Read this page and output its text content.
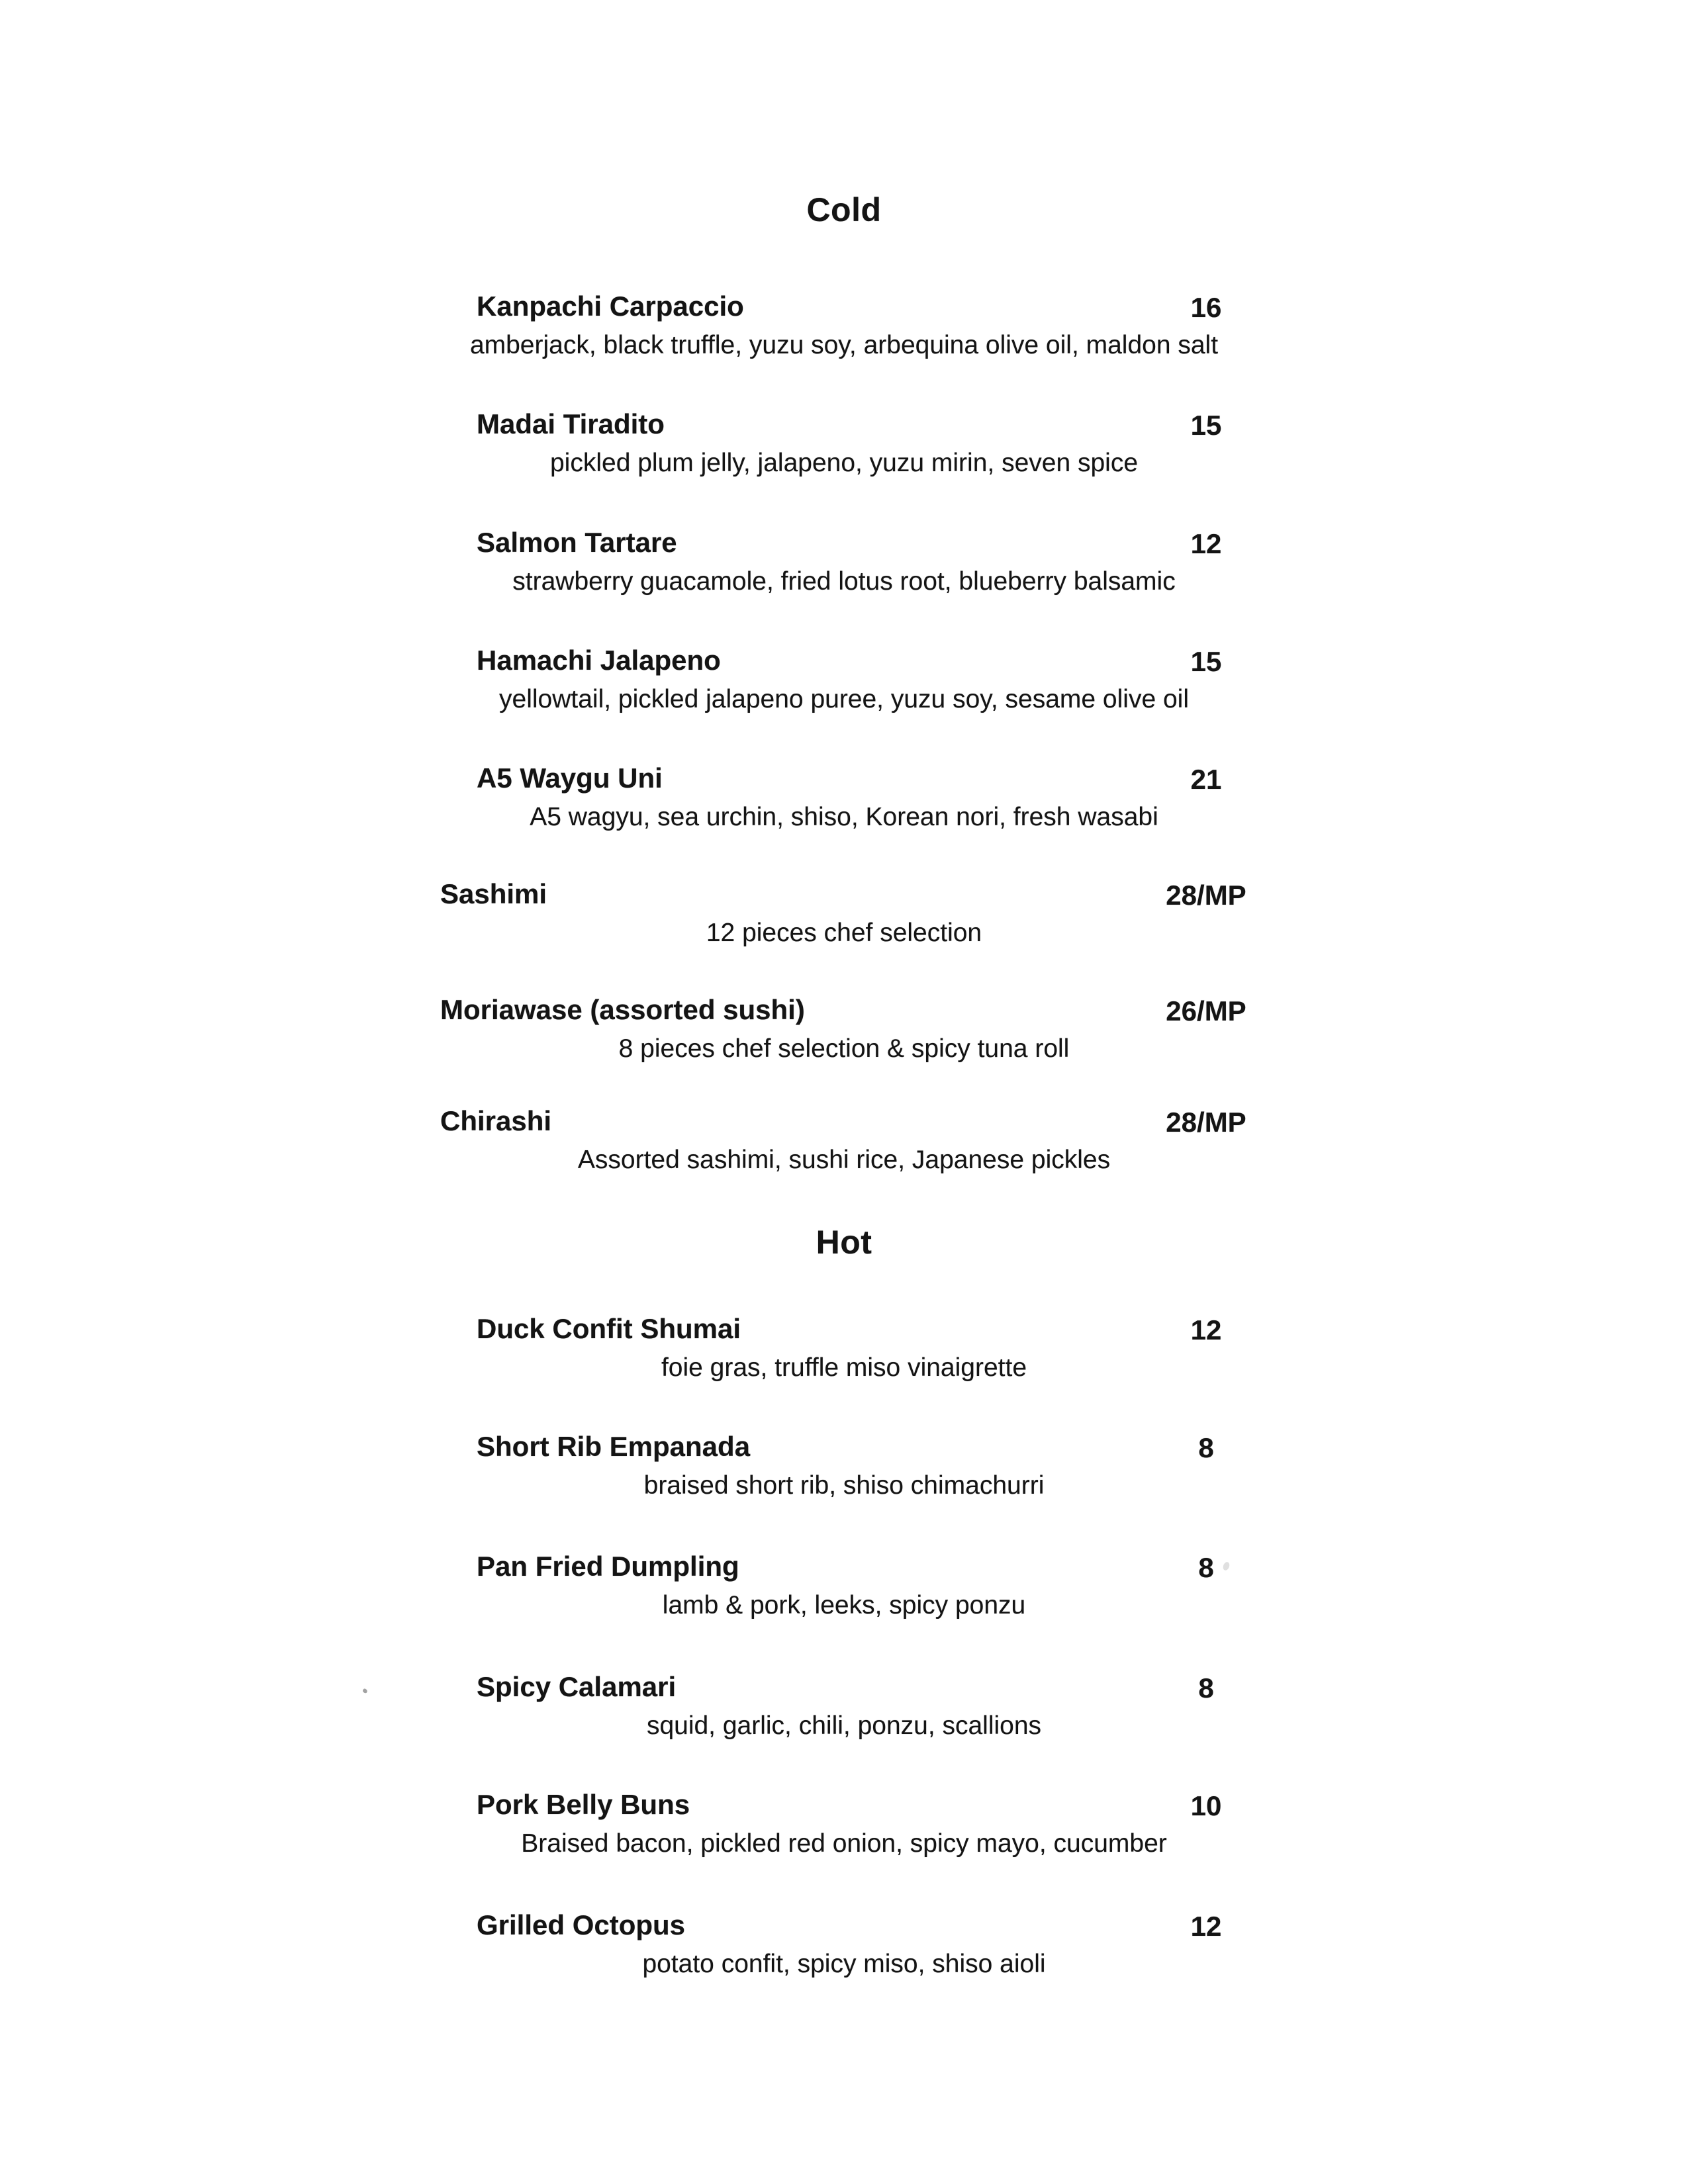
Cold
Kanpachi Carpaccio	16
amberjack, black truffle, yuzu soy, arbequina olive oil, maldon salt
Madai Tiradito	15
pickled plum jelly, jalapeno, yuzu mirin, seven spice
Salmon Tartare	12
strawberry guacamole, fried lotus root, blueberry balsamic
Hamachi Jalapeno	15
yellowtail, pickled jalapeno puree, yuzu soy, sesame olive oil
A5 Waygu Uni	21
A5 wagyu, sea urchin, shiso, Korean nori, fresh wasabi
Sashimi	28/MP
12 pieces chef selection
Moriawase (assorted sushi)	26/MP
8 pieces chef selection & spicy tuna roll
Chirashi	28/MP
Assorted sashimi, sushi rice, Japanese pickles
Hot
Duck Confit Shumai	12
foie gras, truffle miso vinaigrette
Short Rib Empanada	8
braised short rib, shiso chimachurri
Pan Fried Dumpling	8
lamb & pork, leeks, spicy ponzu
Spicy Calamari	8
squid, garlic, chili, ponzu, scallions
Pork Belly Buns	10
Braised bacon, pickled red onion, spicy mayo, cucumber
Grilled Octopus	12
potato confit, spicy miso, shiso aioli
